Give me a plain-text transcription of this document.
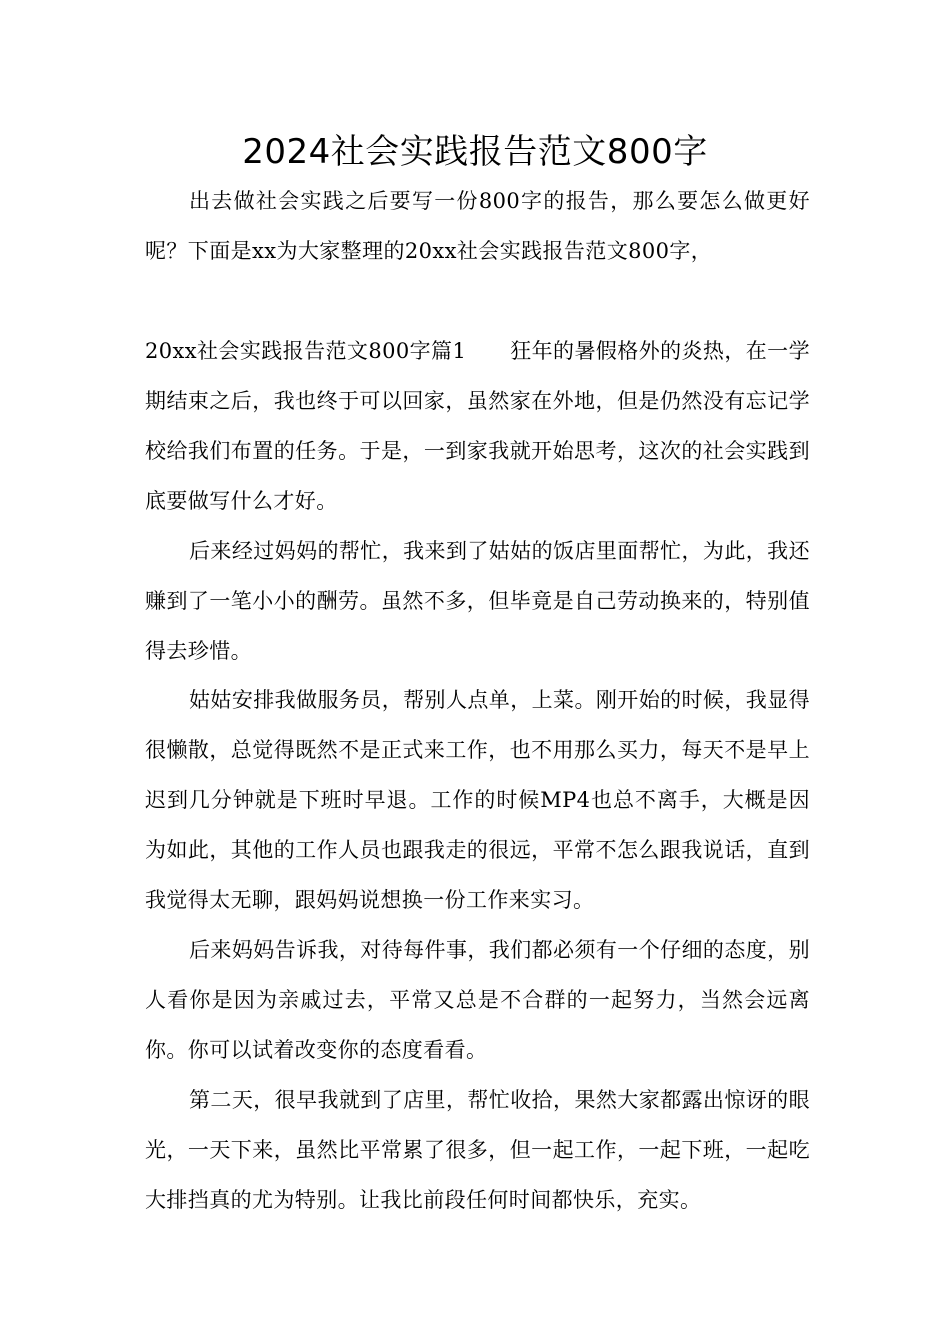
2024社会实践报告范文800字

出去做社会实践之后要写一份800字的报告，那么要怎么做更好呢？下面是xx为大家整理的20xx社会实践报告范文800字，

20xx社会实践报告范文800字篇1 狂年的暑假格外的炎热，在一学期结束之后，我也终于可以回家，虽然家在外地，但是仍然没有忘记学校给我们布置的任务。于是，一到家我就开始思考，这次的社会实践到底要做写什么才好。

后来经过妈妈的帮忙，我来到了姑姑的饭店里面帮忙，为此，我还赚到了一笔小小的酬劳。虽然不多，但毕竟是自己劳动换来的，特别值得去珍惜。

姑姑安排我做服务员，帮别人点单，上菜。刚开始的时候，我显得很懒散，总觉得既然不是正式来工作，也不用那么买力，每天不是早上迟到几分钟就是下班时早退。工作的时候MP4也总不离手，大概是因为如此，其他的工作人员也跟我走的很远，平常不怎么跟我说话，直到我觉得太无聊，跟妈妈说想换一份工作来实习。

后来妈妈告诉我，对待每件事，我们都必须有一个仔细的态度，别人看你是因为亲戚过去，平常又总是不合群的一起努力，当然会远离你。你可以试着改变你的态度看看。

第二天，很早我就到了店里，帮忙收拾，果然大家都露出惊讶的眼光，一天下来，虽然比平常累了很多，但一起工作，一起下班，一起吃大排挡真的尤为特别。让我比前段任何时间都快乐，充实。
